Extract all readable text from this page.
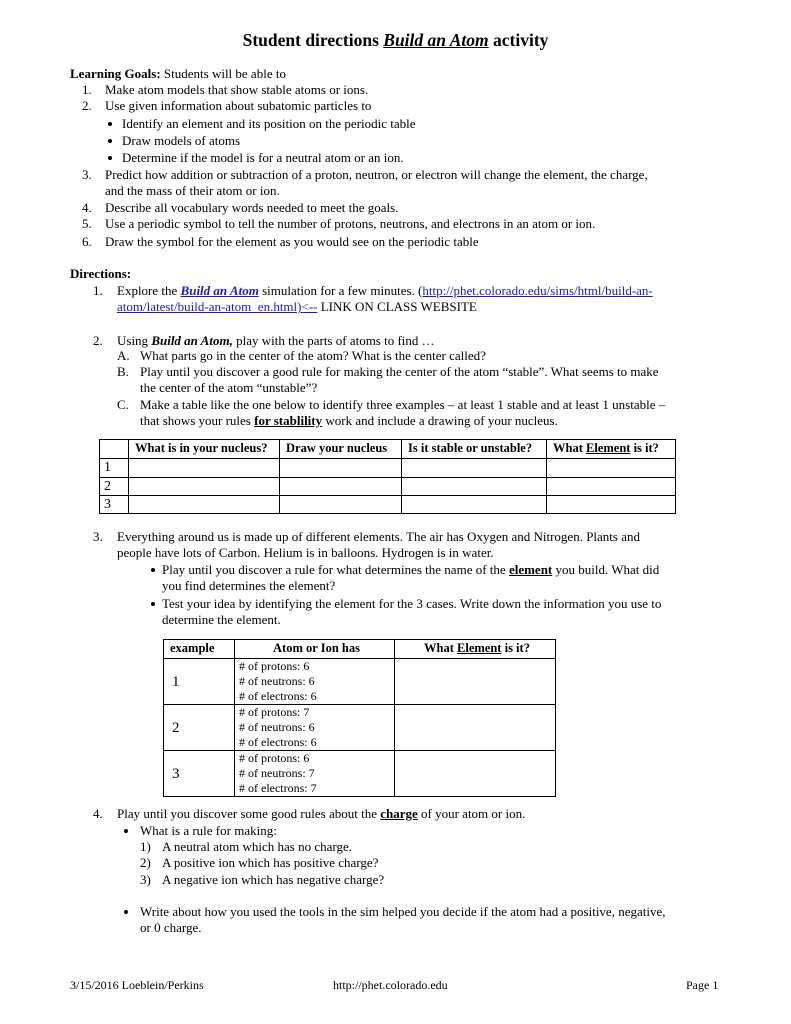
Student directions Build an Atom activity
Learning Goals: Students will be able to
1. Make atom models that show stable atoms or ions.
2. Use given information about subatomic particles to
Identify an element and its position on the periodic table
Draw models of atoms
Determine if the model is for a neutral atom or an ion.
3. Predict how addition or subtraction of a proton, neutron, or electron will change the element, the charge,
and the mass of their atom or ion.
4. Describe all vocabulary words needed to meet the goals.
5. Use a periodic symbol to tell the number of protons, neutrons, and electrons in an atom or ion.
6. Draw the symbol for the element as you would see on the periodic table
Directions:
1. Explore the Build an Atom simulation for a few minutes. (http://phet.colorado.edu/sims/html/build-an-
atom/latest/build-an-atom_en.html)<-- LINK ON CLASS WEBSITE
2. Using Build an Atom, play with the parts of atoms to find …
A. What parts go in the center of the atom? What is the center called?
B. Play until you discover a good rule for making the center of the atom “stable”. What seems to make
the center of the atom “unstable”?
C. Make a table like the one below to identify three examples – at least 1 stable and at least 1 unstable –
that shows your rules for stablility work and include a drawing of your nucleus.
	What is in your nucleus?	Draw your nucleus	Is it stable or unstable?	What Element is it?
1				
2				
3				
3. Everything around us is made up of different elements. The air has Oxygen and Nitrogen. Plants and
people have lots of Carbon. Helium is in balloons. Hydrogen is in water.
Play until you discover a rule for what determines the name of the element you build. What did
you find determines the element?
Test your idea by identifying the element for the 3 cases. Write down the information you use to
determine the element.
example	Atom or Ion has	What Element is it?
1	# of protons: 6
# of neutrons: 6
# of electrons: 6	

2	# of protons: 7
# of neutrons: 6
# of electrons: 6	

3	# of protons: 6
# of neutrons: 7
# of electrons: 7	

4. Play until you discover some good rules about the charge of your atom or ion.
What is a rule for making:
1) A neutral atom which has no charge.
2) A positive ion which has positive charge?
3) A negative ion which has negative charge?
Write about how you used the tools in the sim helped you decide if the atom had a positive, negative,
or 0 charge.
3/15/2016 Loeblein/Perkins	http://phet.colorado.edu	Page 1
